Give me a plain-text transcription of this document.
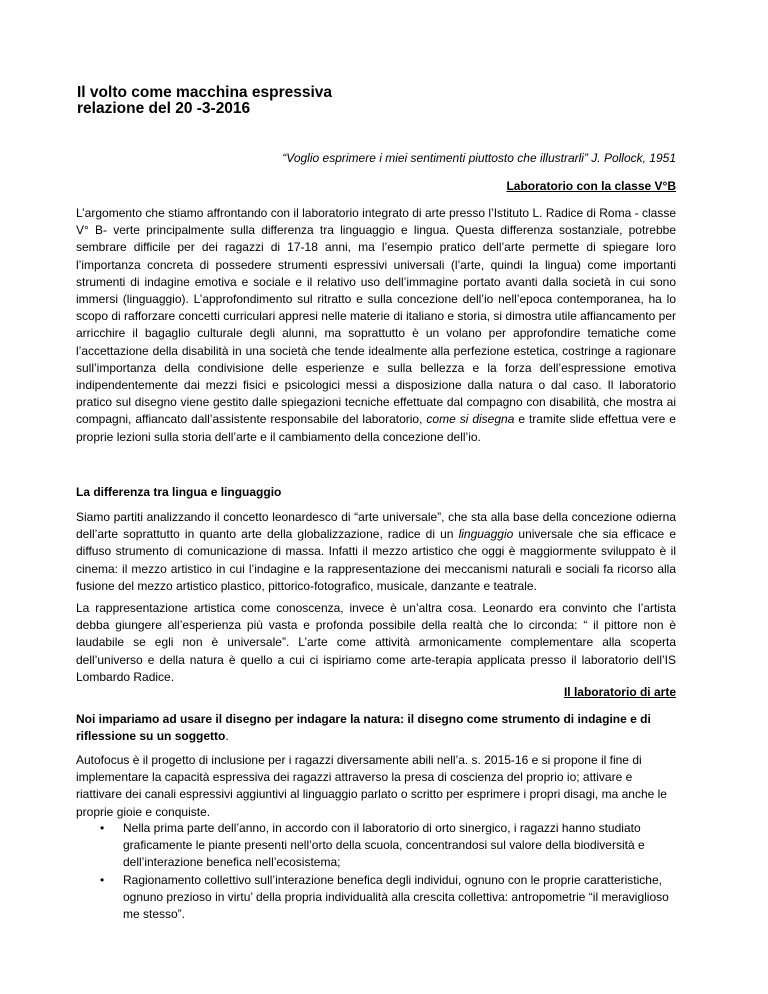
Il volto come macchina espressiva
relazione del 20 -3-2016

“Voglio esprimere i miei sentimenti piuttosto che illustrarli” J. Pollock, 1951

Laboratorio con la classe V°B

L’argomento che stiamo affrontando con il laboratorio integrato di arte presso l’Istituto L. Radice di Roma - classe V° B- verte principalmente sulla differenza tra linguaggio e lingua. Questa differenza sostanziale, potrebbe sembrare difficile per dei ragazzi di 17-18 anni, ma l’esempio pratico dell’arte permette di spiegare loro l’importanza concreta di possedere strumenti espressivi universali (l’arte, quindi la lingua) come importanti strumenti di indagine emotiva e sociale e il relativo uso dell’immagine portato avanti dalla società in cui sono immersi (linguaggio). L’approfondimento sul ritratto e sulla concezione dell’io nell’epoca contemporanea, ha lo scopo di rafforzare concetti curriculari appresi nelle materie di italiano e storia, si dimostra utile affiancamento per arricchire il bagaglio culturale degli alunni, ma soprattutto è un volano per approfondire tematiche come l’accettazione della disabilità in una società che tende idealmente alla perfezione estetica, costringe a ragionare sull’importanza della condivisione delle esperienze e sulla bellezza e la forza dell’espressione emotiva indipendentemente dai mezzi fisici e psicologici messi a disposizione dalla natura o dal caso. Il laboratorio pratico sul disegno viene gestito dalle spiegazioni tecniche effettuate dal compagno con disabilità, che mostra ai compagni, affiancato dall’assistente responsabile del laboratorio, come si disegna e tramite slide effettua vere e proprie lezioni sulla storia dell’arte e il cambiamento della concezione dell’io.

La differenza tra lingua e linguaggio

Siamo partiti analizzando il concetto leonardesco di “arte universale”, che sta alla base della concezione odierna dell’arte soprattutto in quanto arte della globalizzazione, radice di un linguaggio universale che sia efficace e diffuso strumento di comunicazione di massa. Infatti il mezzo artistico che oggi è maggiormente sviluppato è il cinema: il mezzo artistico in cui l’indagine e la rappresentazione dei meccanismi naturali e sociali fa ricorso alla fusione del mezzo artistico plastico, pittorico-fotografico, musicale, danzante e teatrale.

La rappresentazione artistica come conoscenza, invece è un’altra cosa. Leonardo era convinto che l’artista debba giungere all’esperienza più vasta e profonda possibile della realtà che lo circonda: “ il pittore non è laudabile se egli non è universale”. L’arte come attività armonicamente complementare alla scoperta dell’universo e della natura è quello a cui ci ispiriamo come arte-terapia applicata presso il laboratorio dell’IS Lombardo Radice.

Il laboratorio di arte

Noi impariamo ad usare il disegno per indagare la natura: il disegno come strumento di indagine e di riflessione su un soggetto.

Autofocus è il progetto di inclusione per i ragazzi diversamente abili nell’a. s. 2015-16 e si propone il fine di implementare la capacità espressiva dei ragazzi attraverso la presa di coscienza del proprio io; attivare e riattivare dei canali espressivi aggiuntivi al linguaggio parlato o scritto per esprimere i propri disagi, ma anche le proprie gioie e conquiste.

• Nella prima parte dell’anno, in accordo con il laboratorio di orto sinergico, i ragazzi hanno studiato graficamente le piante presenti nell’orto della scuola, concentrandosi sul valore della biodiversità e dell’interazione benefica nell’ecosistema;
• Ragionamento collettivo sull’interazione benefica degli individui, ognuno con le proprie caratteristiche, ognuno prezioso in virtu’ della propria individualità alla crescita collettiva: antropometrie “il meraviglioso me stesso”.
